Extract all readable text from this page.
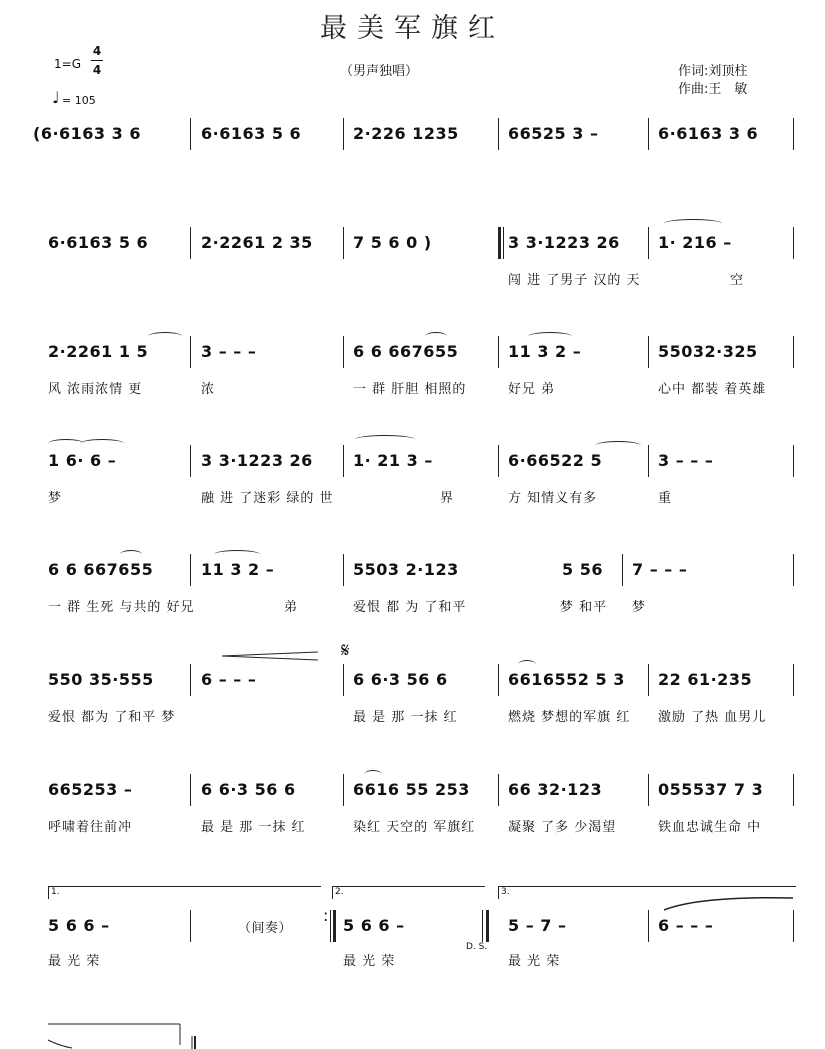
最美军旗红
1=G
4
4
♩ = 105
（男声独唱）	作词:刘顶柱
作曲:王　敏
(6·6163 3 6	6·6163 5 6	2·226 1235	66525 3 –	6·6163 3 6
6·6163 5 6	2·2261 2 35	7 5 6 0 )	3 3·1223 26 1· 216 –
闯 进 了男子 汉的 天	空
2·2261 1 5	3 – – –	6 6 667655	11 3 2 –	55032·325
风 浓雨浓情 更	浓	一 群 肝胆 相照的	好兄 弟	心中 都装 着英雄
1 6· 6 –	3 3·1223 26	1· 21 3 –	6·66522 5	3 – – –
梦	融 进 了迷彩 绿的 世	界	方 知情义有多	重
6 6 667655	11 3 2 –	5503 2·123	5 56 7 – – –
一 群 生死 与共的 好兄	弟	爱恨 都 为 了和平	梦 和平 梦
550 35·555	6 – – –
𝄋
6 6·3 56 6	6616552 5 3 22 61·235
爱恨 都为 了和平 梦	最 是 那 一抹 红	燃烧 梦想的军旗 红 激励 了热 血男儿
665253 –	6 6·3 56 6	6616 55 253 66 32·123	055537 7 3
呼啸着往前冲	最 是 那 一抹 红	染红 天空的 军旗红	凝聚 了多 少渴望	铁血忠诚生命 中
1.	2.	3.
5 6 6 –	（间奏）
:
5 6 6 –	5 – 7 –	6 – – –
最 光 荣	最 光 荣
D. S.
最 光 荣
